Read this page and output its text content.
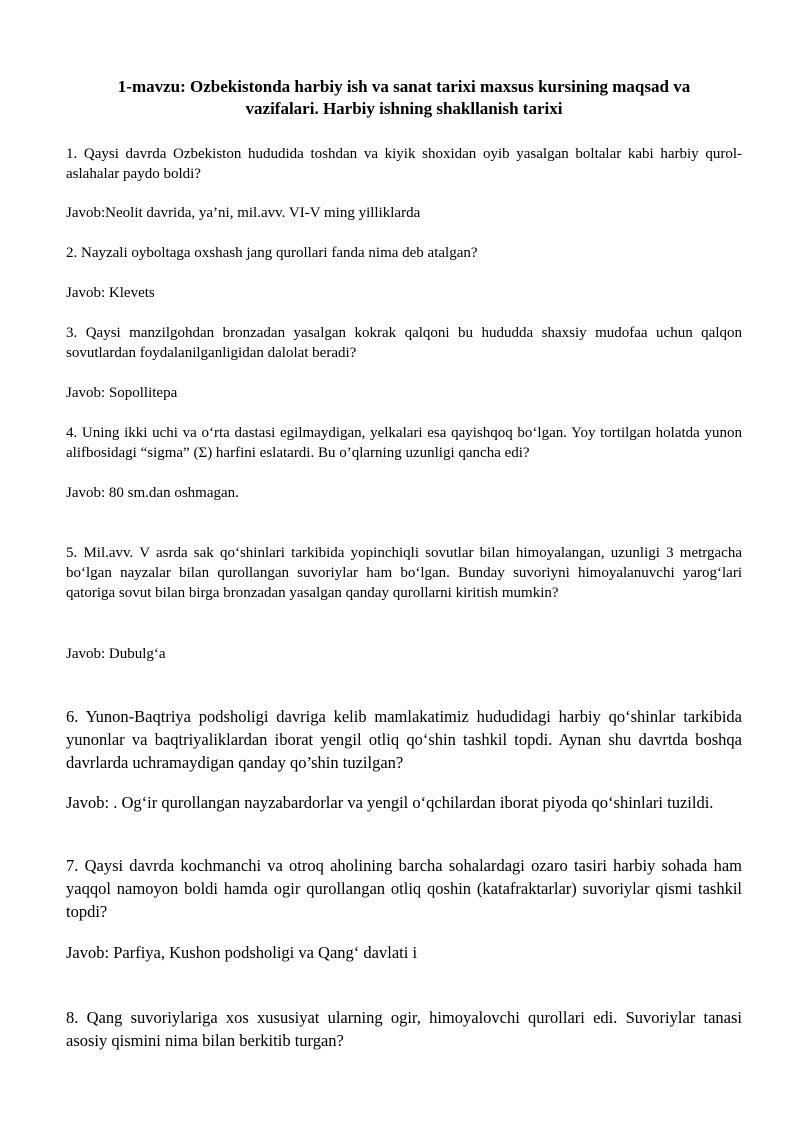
1-mavzu: Ozbekistonda harbiy ish va sanat tarixi maxsus kursining maqsad va
vazifalari. Harbiy ishning shakllanish tarixi
1. Qaysi davrda Ozbekiston hududida toshdan va kiyik shoxidan oyib yasalgan boltalar kabi harbiy qurol-aslahalar paydo boldi?
Javob:Neolit davrida, ya’ni, mil.avv. VI-V ming yilliklarda
2. Nayzali oyboltaga oxshash jang qurollari fanda nima deb atalgan?
Javob: Klevets
3. Qaysi manzilgohdan bronzadan yasalgan kokrak qalqoni bu hududda shaxsiy mudofaa uchun qalqon sovutlardan foydalanilganligidan dalolat beradi?
Javob: Sopollitepa
4. Uning ikki uchi va oʻrta dastasi egilmaydigan, yelkalari esa qayishqoq boʻlgan. Yoy tortilgan holatda yunon alifbosidagi “sigma” (Σ) harfini eslatardi. Bu o’qlarning uzunligi qancha edi?
Javob: 80 sm.dan oshmagan.
5. Mil.avv. V asrda sak qoʻshinlari tarkibida yopinchiqli sovutlar bilan himoyalangan, uzunligi 3 metrgacha boʻlgan nayzalar bilan qurollangan suvoriylar ham boʻlgan. Bunday suvoriyni himoyalanuvchi yarogʻlari qatoriga sovut bilan birga bronzadan yasalgan qanday qurollarni kiritish mumkin?
Javob: Dubulgʻa
6. Yunon-Baqtriya podsholigi davriga kelib mamlakatimiz hududidagi harbiy qoʻshinlar tarkibida yunonlar va baqtriyaliklardan iborat yengil otliq qoʻshin tashkil topdi. Aynan shu davrtda boshqa davrlarda uchramaydigan qanday qo’shin tuzilgan?
Javob: . Ogʻir qurollangan nayzabardorlar va yengil oʻqchilardan iborat piyoda qoʻshinlari tuzildi.
7. Qaysi davrda kochmanchi va otroq aholining barcha sohalardagi ozaro tasiri harbiy sohada ham yaqqol namoyon boldi hamda ogir qurollangan otliq qoshin (katafraktarlar) suvoriylar qismi tashkil topdi?
Javob: Parfiya, Kushon podsholigi va Qangʻ davlati i
8. Qang suvoriylariga xos xususiyat ularning ogir, himoyalovchi qurollari edi. Suvoriylar tanasi asosiy qismini nima bilan berkitib turgan?
